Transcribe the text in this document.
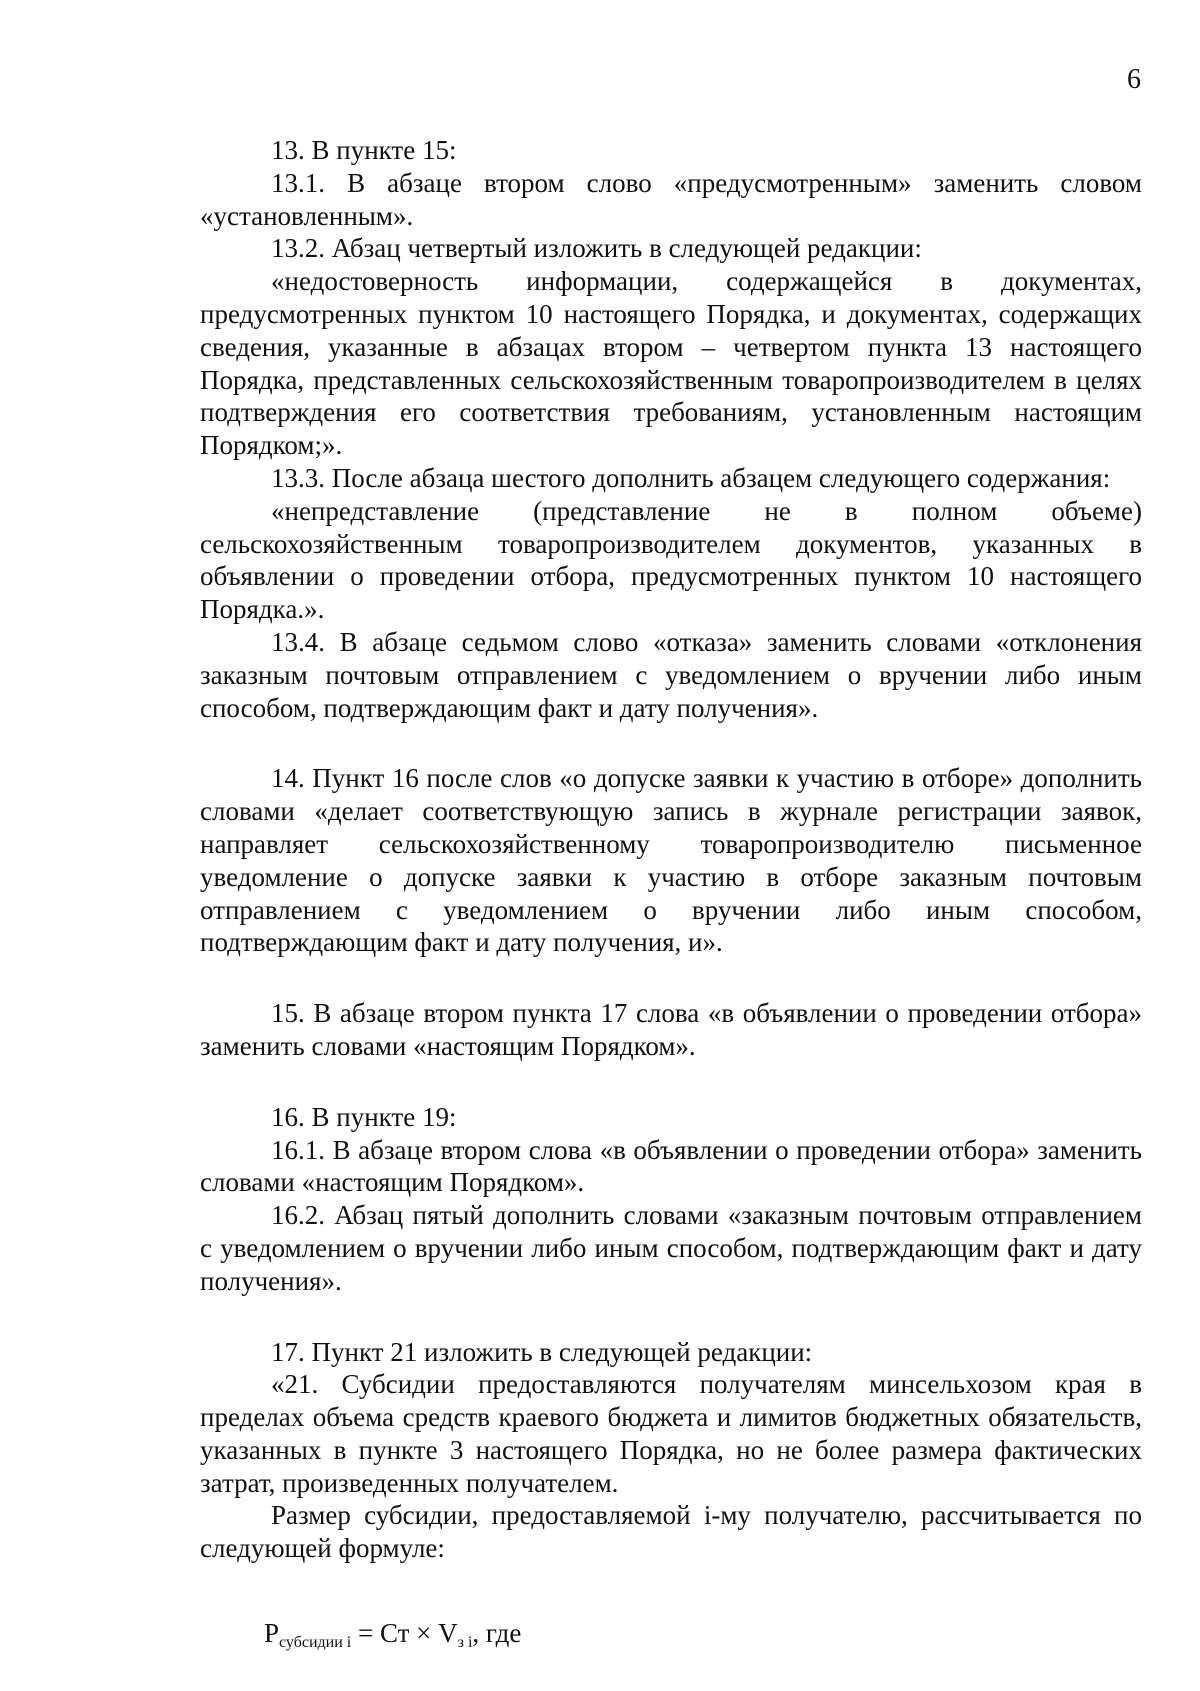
6

13. В пункте 15:

13.1. В абзаце втором слово «предусмотренным» заменить словом «установленным».

13.2. Абзац четвертый изложить в следующей редакции:

«недостоверность информации, содержащейся в документах, предусмотренных пунктом 10 настоящего Порядка, и документах, содержащих сведения, указанные в абзацах втором – четвертом пункта 13 настоящего Порядка, представленных сельскохозяйственным товаропроизводителем в целях подтверждения его соответствия требованиям, установленным настоящим Порядком;».

13.3. После абзаца шестого дополнить абзацем следующего содержания:

«непредставление (представление не в полном объеме) сельскохозяйственным товаропроизводителем документов, указанных в объявлении о проведении отбора, предусмотренных пунктом 10 настоящего Порядка.».

13.4. В абзаце седьмом слово «отказа» заменить словами «отклонения заказным почтовым отправлением с уведомлением о вручении либо иным способом, подтверждающим факт и дату получения».

14. Пункт 16 после слов «о допуске заявки к участию в отборе» дополнить словами «делает соответствующую запись в журнале регистрации заявок, направляет сельскохозяйственному товаропроизводителю письменное уведомление о допуске заявки к участию в отборе заказным почтовым отправлением с уведомлением о вручении либо иным способом, подтверждающим факт и дату получения, и».

15. В абзаце втором пункта 17 слова «в объявлении о проведении отбора» заменить словами «настоящим Порядком».

16. В пункте 19:

16.1. В абзаце втором слова «в объявлении о проведении отбора» заменить словами «настоящим Порядком».

16.2. Абзац пятый дополнить словами «заказным почтовым отправлением с уведомлением о вручении либо иным способом, подтверждающим факт и дату получения».

17. Пункт 21 изложить в следующей редакции:

«21. Субсидии предоставляются получателям минсельхозом края в пределах объема средств краевого бюджета и лимитов бюджетных обязательств, указанных в пункте 3 настоящего Порядка, но не более размера фактических затрат, произведенных получателем.

Размер субсидии, предоставляемой i-му получателю, рассчитывается по следующей формуле:

$P_{субсидии i}$ = Ст × $V_{з i}$, где
